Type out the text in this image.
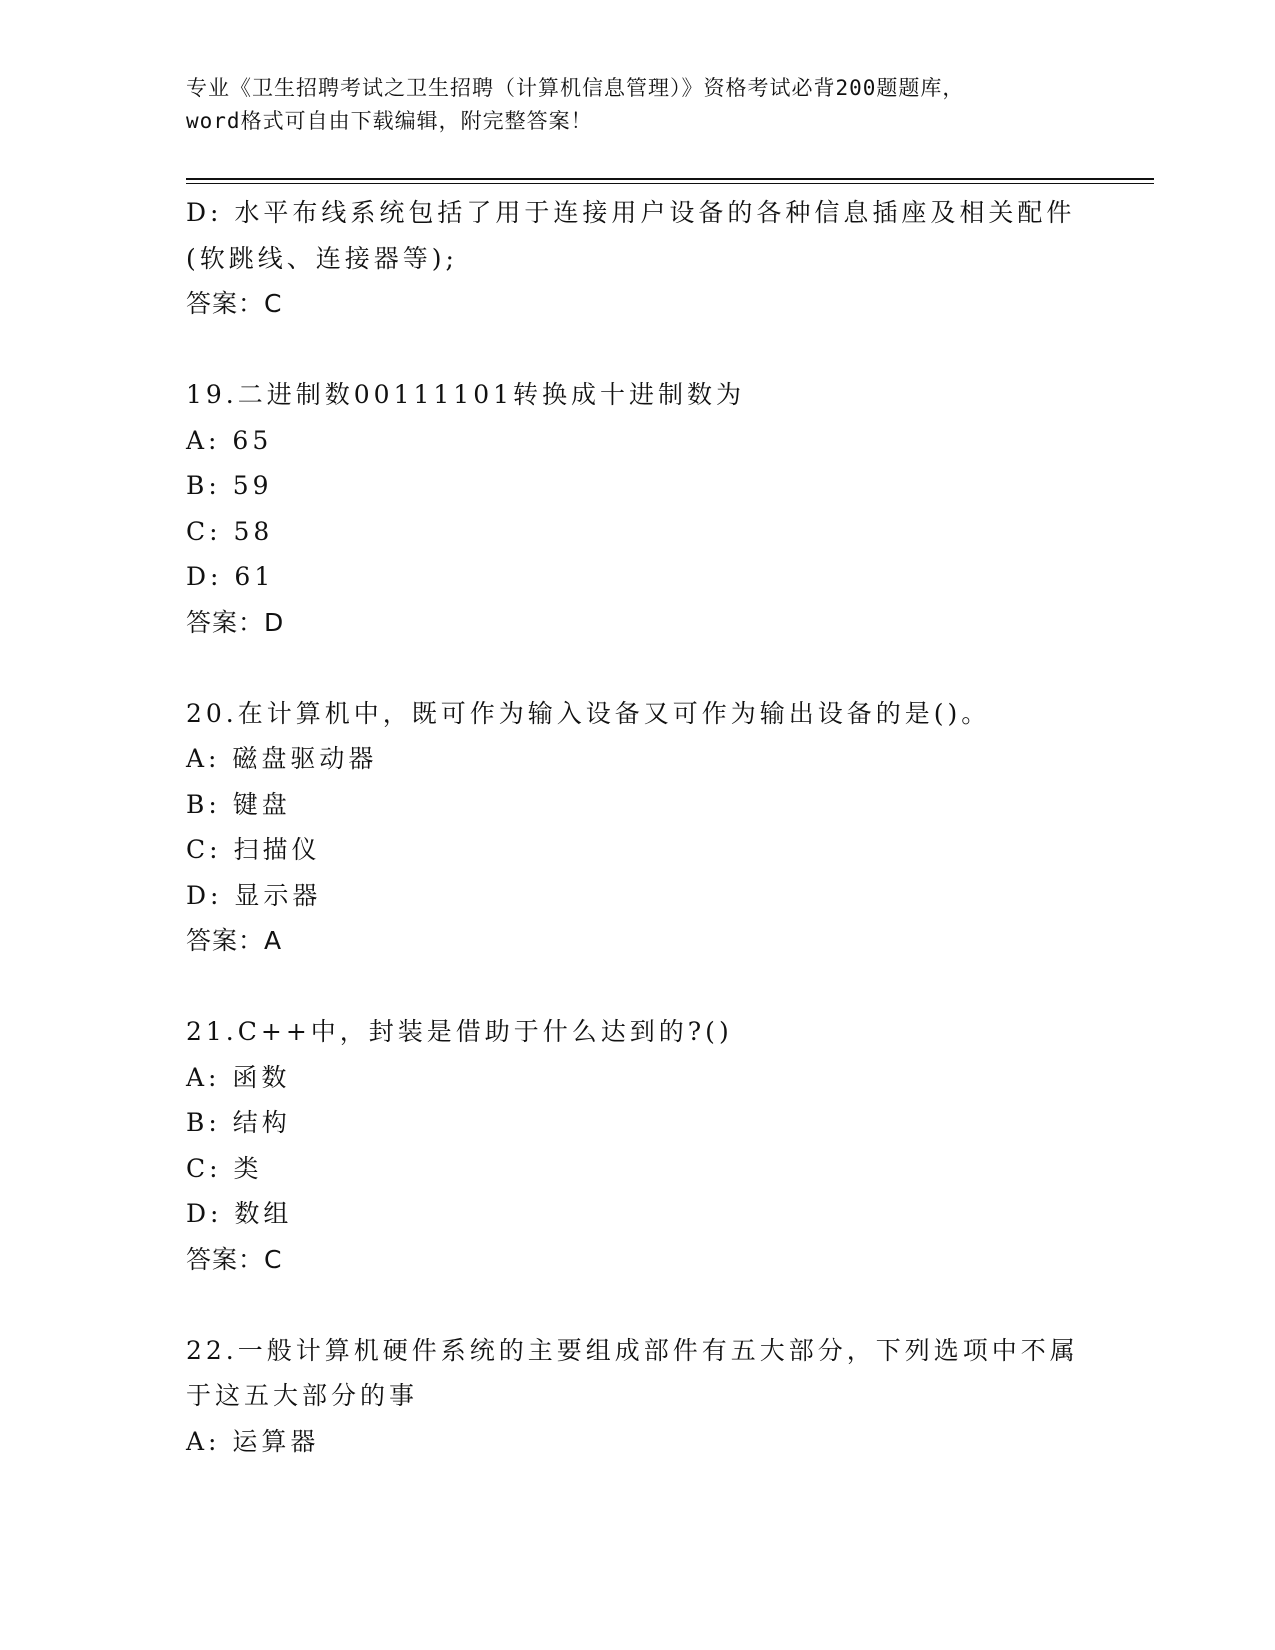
专业《卫生招聘考试之卫生招聘（计算机信息管理）》资格考试必背200题题库，
word格式可自由下载编辑，附完整答案！
D: 水平布线系统包括了用于连接用户设备的各种信息插座及相关配件
(软跳线、连接器等);
答案：C
19.二进制数00111101转换成十进制数为
A: 65
B: 59
C: 58
D: 61
答案：D
20.在计算机中，既可作为输入设备又可作为输出设备的是()。
A: 磁盘驱动器
B: 键盘
C: 扫描仪
D: 显示器
答案：A
21.C++中，封装是借助于什么达到的?()
A: 函数
B: 结构
C: 类
D: 数组
答案：C
22.一般计算机硬件系统的主要组成部件有五大部分，下列选项中不属
于这五大部分的事
A: 运算器
